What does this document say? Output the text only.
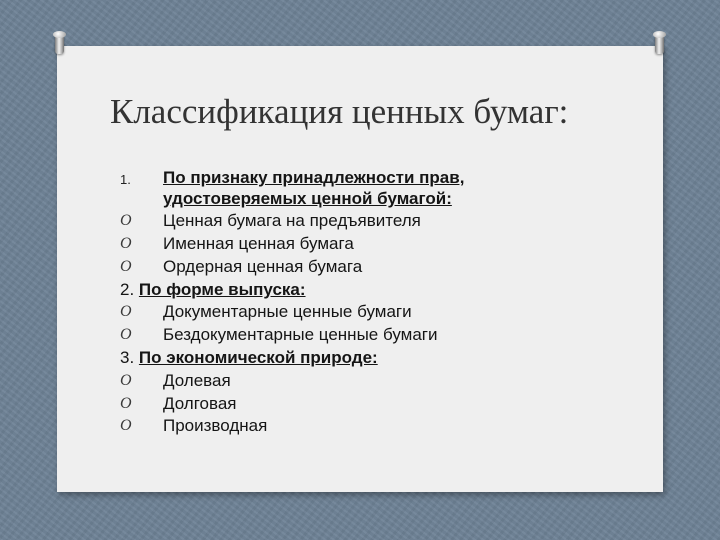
Классификация ценных бумаг:
1. По признаку принадлежности прав,
удостоверяемых ценной бумагой:
O Ценная бумага на предъявителя
O Именная ценная бумага
O Ордерная ценная бумага
2. По форме выпуска:
O Документарные ценные бумаги
O Бездокументарные ценные бумаги
3. По экономической природе:
O Долевая
O Долговая
O Производная
